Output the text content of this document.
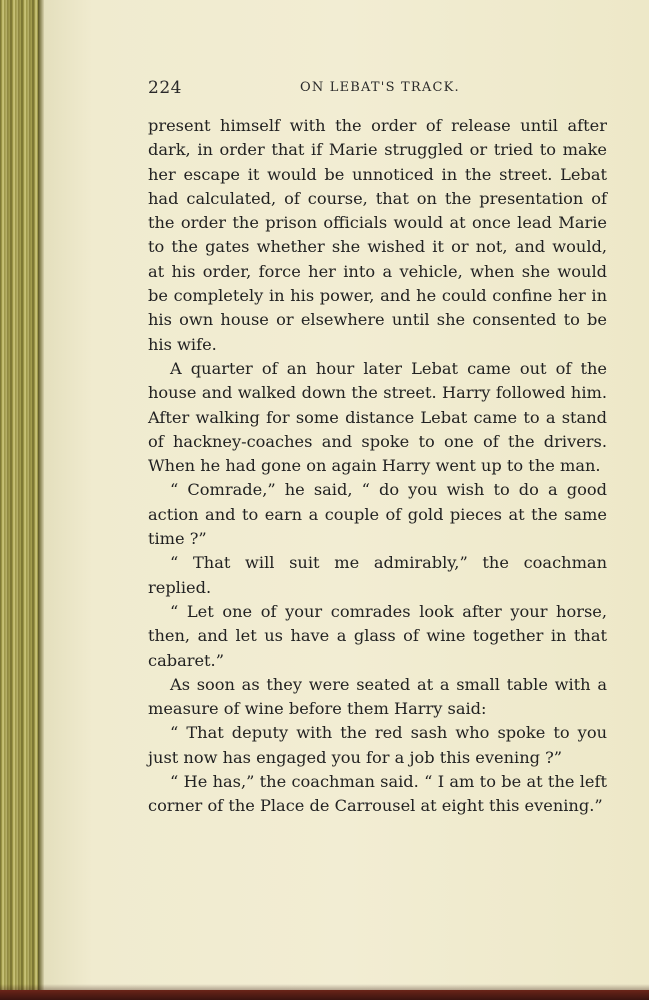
224	ON LEBAT'S TRACK.

present himself with the order of release until after dark, in order that if Marie struggled or tried to make her escape it would be unnoticed in the street. Lebat had calculated, of course, that on the presentation of the order the prison officials would at once lead Marie to the gates whether she wished it or not, and would, at his order, force her into a vehicle, when she would be completely in his power, and he could confine her in his own house or elsewhere until she consented to be his wife.

A quarter of an hour later Lebat came out of the house and walked down the street. Harry followed him. After walking for some distance Lebat came to a stand of hackney-coaches and spoke to one of the drivers. When he had gone on again Harry went up to the man.

“ Comrade,” he said, “ do you wish to do a good action and to earn a couple of gold pieces at the same time ?”

“ That will suit me admirably,” the coachman replied.

“ Let one of your comrades look after your horse, then, and let us have a glass of wine together in that cabaret.”

As soon as they were seated at a small table with a measure of wine before them Harry said:

“ That deputy with the red sash who spoke to you just now has engaged you for a job this evening ?”

“ He has,” the coachman said. “ I am to be at the left corner of the Place de Carrousel at eight this evening.”
